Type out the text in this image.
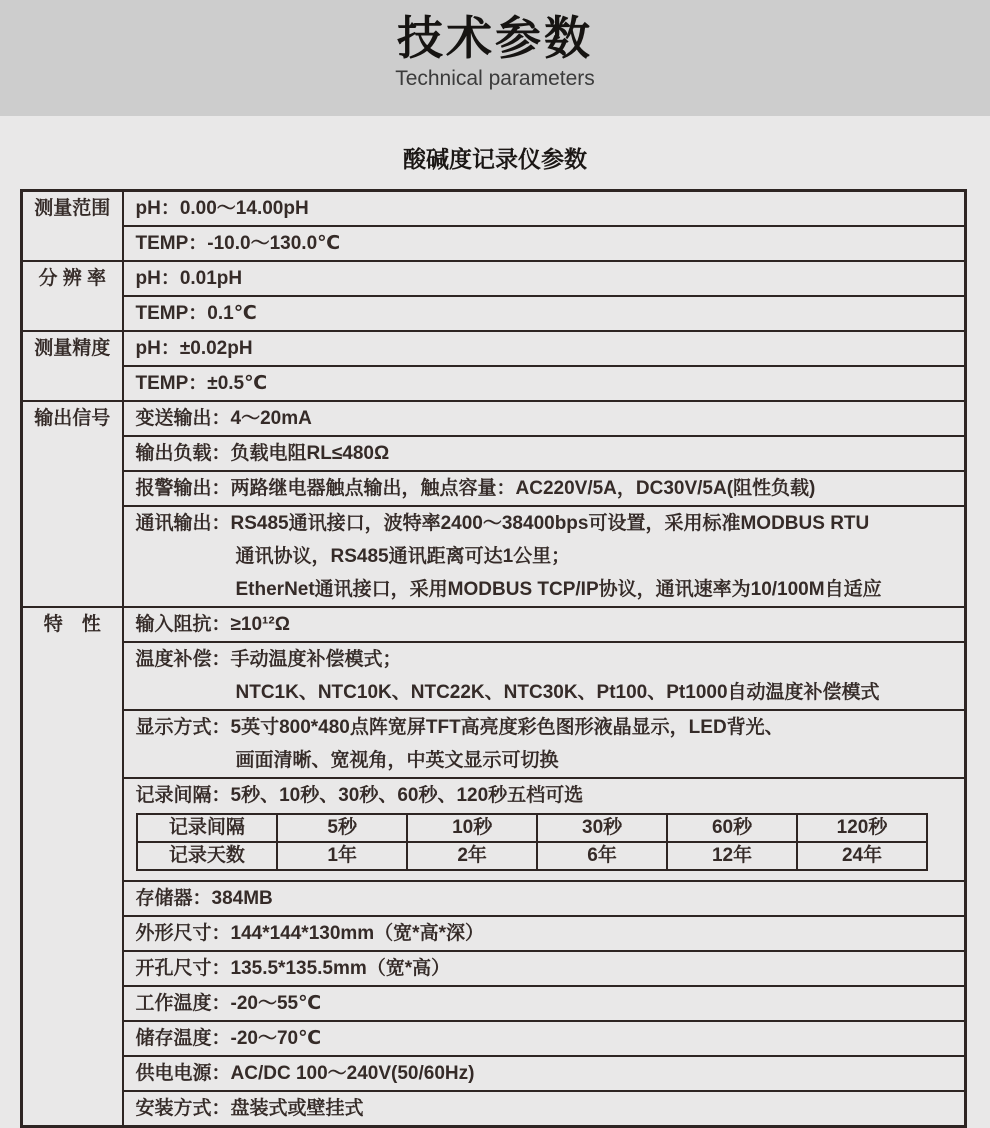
技术参数
Technical parameters
酸碱度记录仪参数
测量范围	pH：0.00～14.00pH
TEMP：-10.0～130.0℃
分 辨 率	pH：0.01pH
TEMP：0.1℃
测量精度	pH：±0.02pH
TEMP：±0.5℃
输出信号	变送输出：4～20mA
输出负载：负载电阻RL≤480Ω
报警输出：两路继电器触点输出，触点容量：AC220V/5A，DC30V/5A(阻性负载)

通讯输出：RS485通讯接口，波特率2400～38400bps可设置，采用标准MODBUS RTU
通讯协议，RS485通讯距离可达1公里；
EtherNet通讯接口，采用MODBUS TCP/IP协议，通讯速率为10/100M自适应

特　性	输入阻抗：≥10¹²Ω

温度补偿：手动温度补偿模式；
NTC1K、NTC10K、NTC22K、NTC30K、Pt100、Pt1000自动温度补偿模式

显示方式：5英寸800*480点阵宽屏TFT高亮度彩色图形液晶显示，LED背光、
画面清晰、宽视角，中英文显示可切换

记录间隔：5秒、10秒、30秒、60秒、120秒五档可选
记录间隔	5秒	10秒	30秒	60秒	120秒
记录天数	1年	2年	6年	12年	24年

存储器：384MB
外形尺寸：144*144*130mm（宽*高*深）
开孔尺寸：135.5*135.5mm（宽*高）
工作温度：-20～55℃
储存温度：-20～70℃
供电电源：AC/DC 100～240V(50/60Hz)
安装方式：盘装式或壁挂式
